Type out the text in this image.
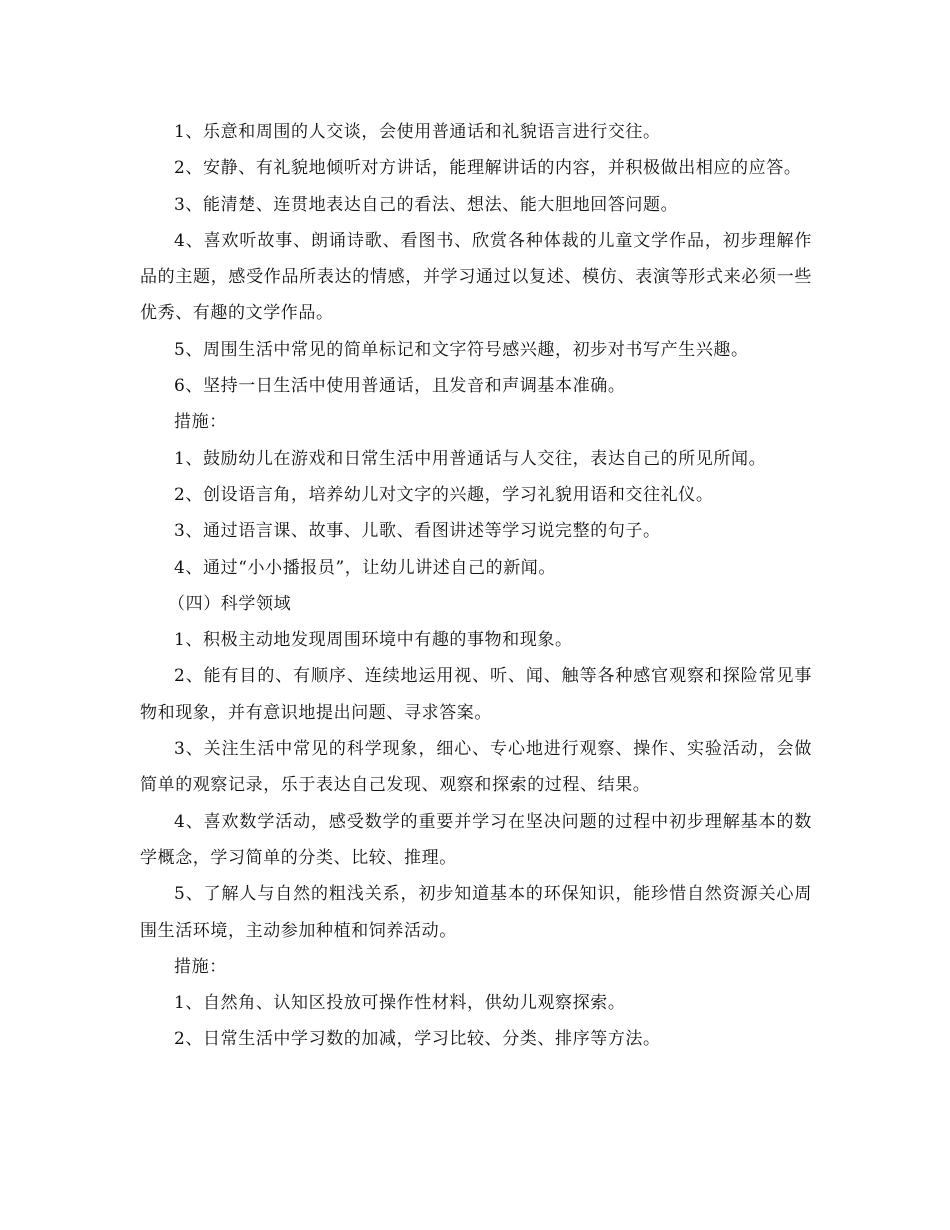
1、乐意和周围的人交谈，会使用普通话和礼貌语言进行交往。

2、安静、有礼貌地倾听对方讲话，能理解讲话的内容，并积极做出相应的应答。

3、能清楚、连贯地表达自己的看法、想法、能大胆地回答问题。

4、喜欢听故事、朗诵诗歌、看图书、欣赏各种体裁的儿童文学作品，初步理解作品的主题，感受作品所表达的情感，并学习通过以复述、模仿、表演等形式来必须一些优秀、有趣的文学作品。

5、周围生活中常见的简单标记和文字符号感兴趣，初步对书写产生兴趣。

6、坚持一日生活中使用普通话，且发音和声调基本准确。

措施：

1、鼓励幼儿在游戏和日常生活中用普通话与人交往，表达自己的所见所闻。

2、创设语言角，培养幼儿对文字的兴趣，学习礼貌用语和交往礼仪。

3、通过语言课、故事、儿歌、看图讲述等学习说完整的句子。

4、通过“小小播报员”，让幼儿讲述自己的新闻。

（四）科学领域

1、积极主动地发现周围环境中有趣的事物和现象。

2、能有目的、有顺序、连续地运用视、听、闻、触等各种感官观察和探险常见事物和现象，并有意识地提出问题、寻求答案。

3、关注生活中常见的科学现象，细心、专心地进行观察、操作、实验活动，会做简单的观察记录，乐于表达自己发现、观察和探索的过程、结果。

4、喜欢数学活动，感受数学的重要并学习在坚决问题的过程中初步理解基本的数学概念，学习简单的分类、比较、推理。

5、了解人与自然的粗浅关系，初步知道基本的环保知识，能珍惜自然资源关心周围生活环境，主动参加种植和饲养活动。

措施：

1、自然角、认知区投放可操作性材料，供幼儿观察探索。

2、日常生活中学习数的加减，学习比较、分类、排序等方法。
